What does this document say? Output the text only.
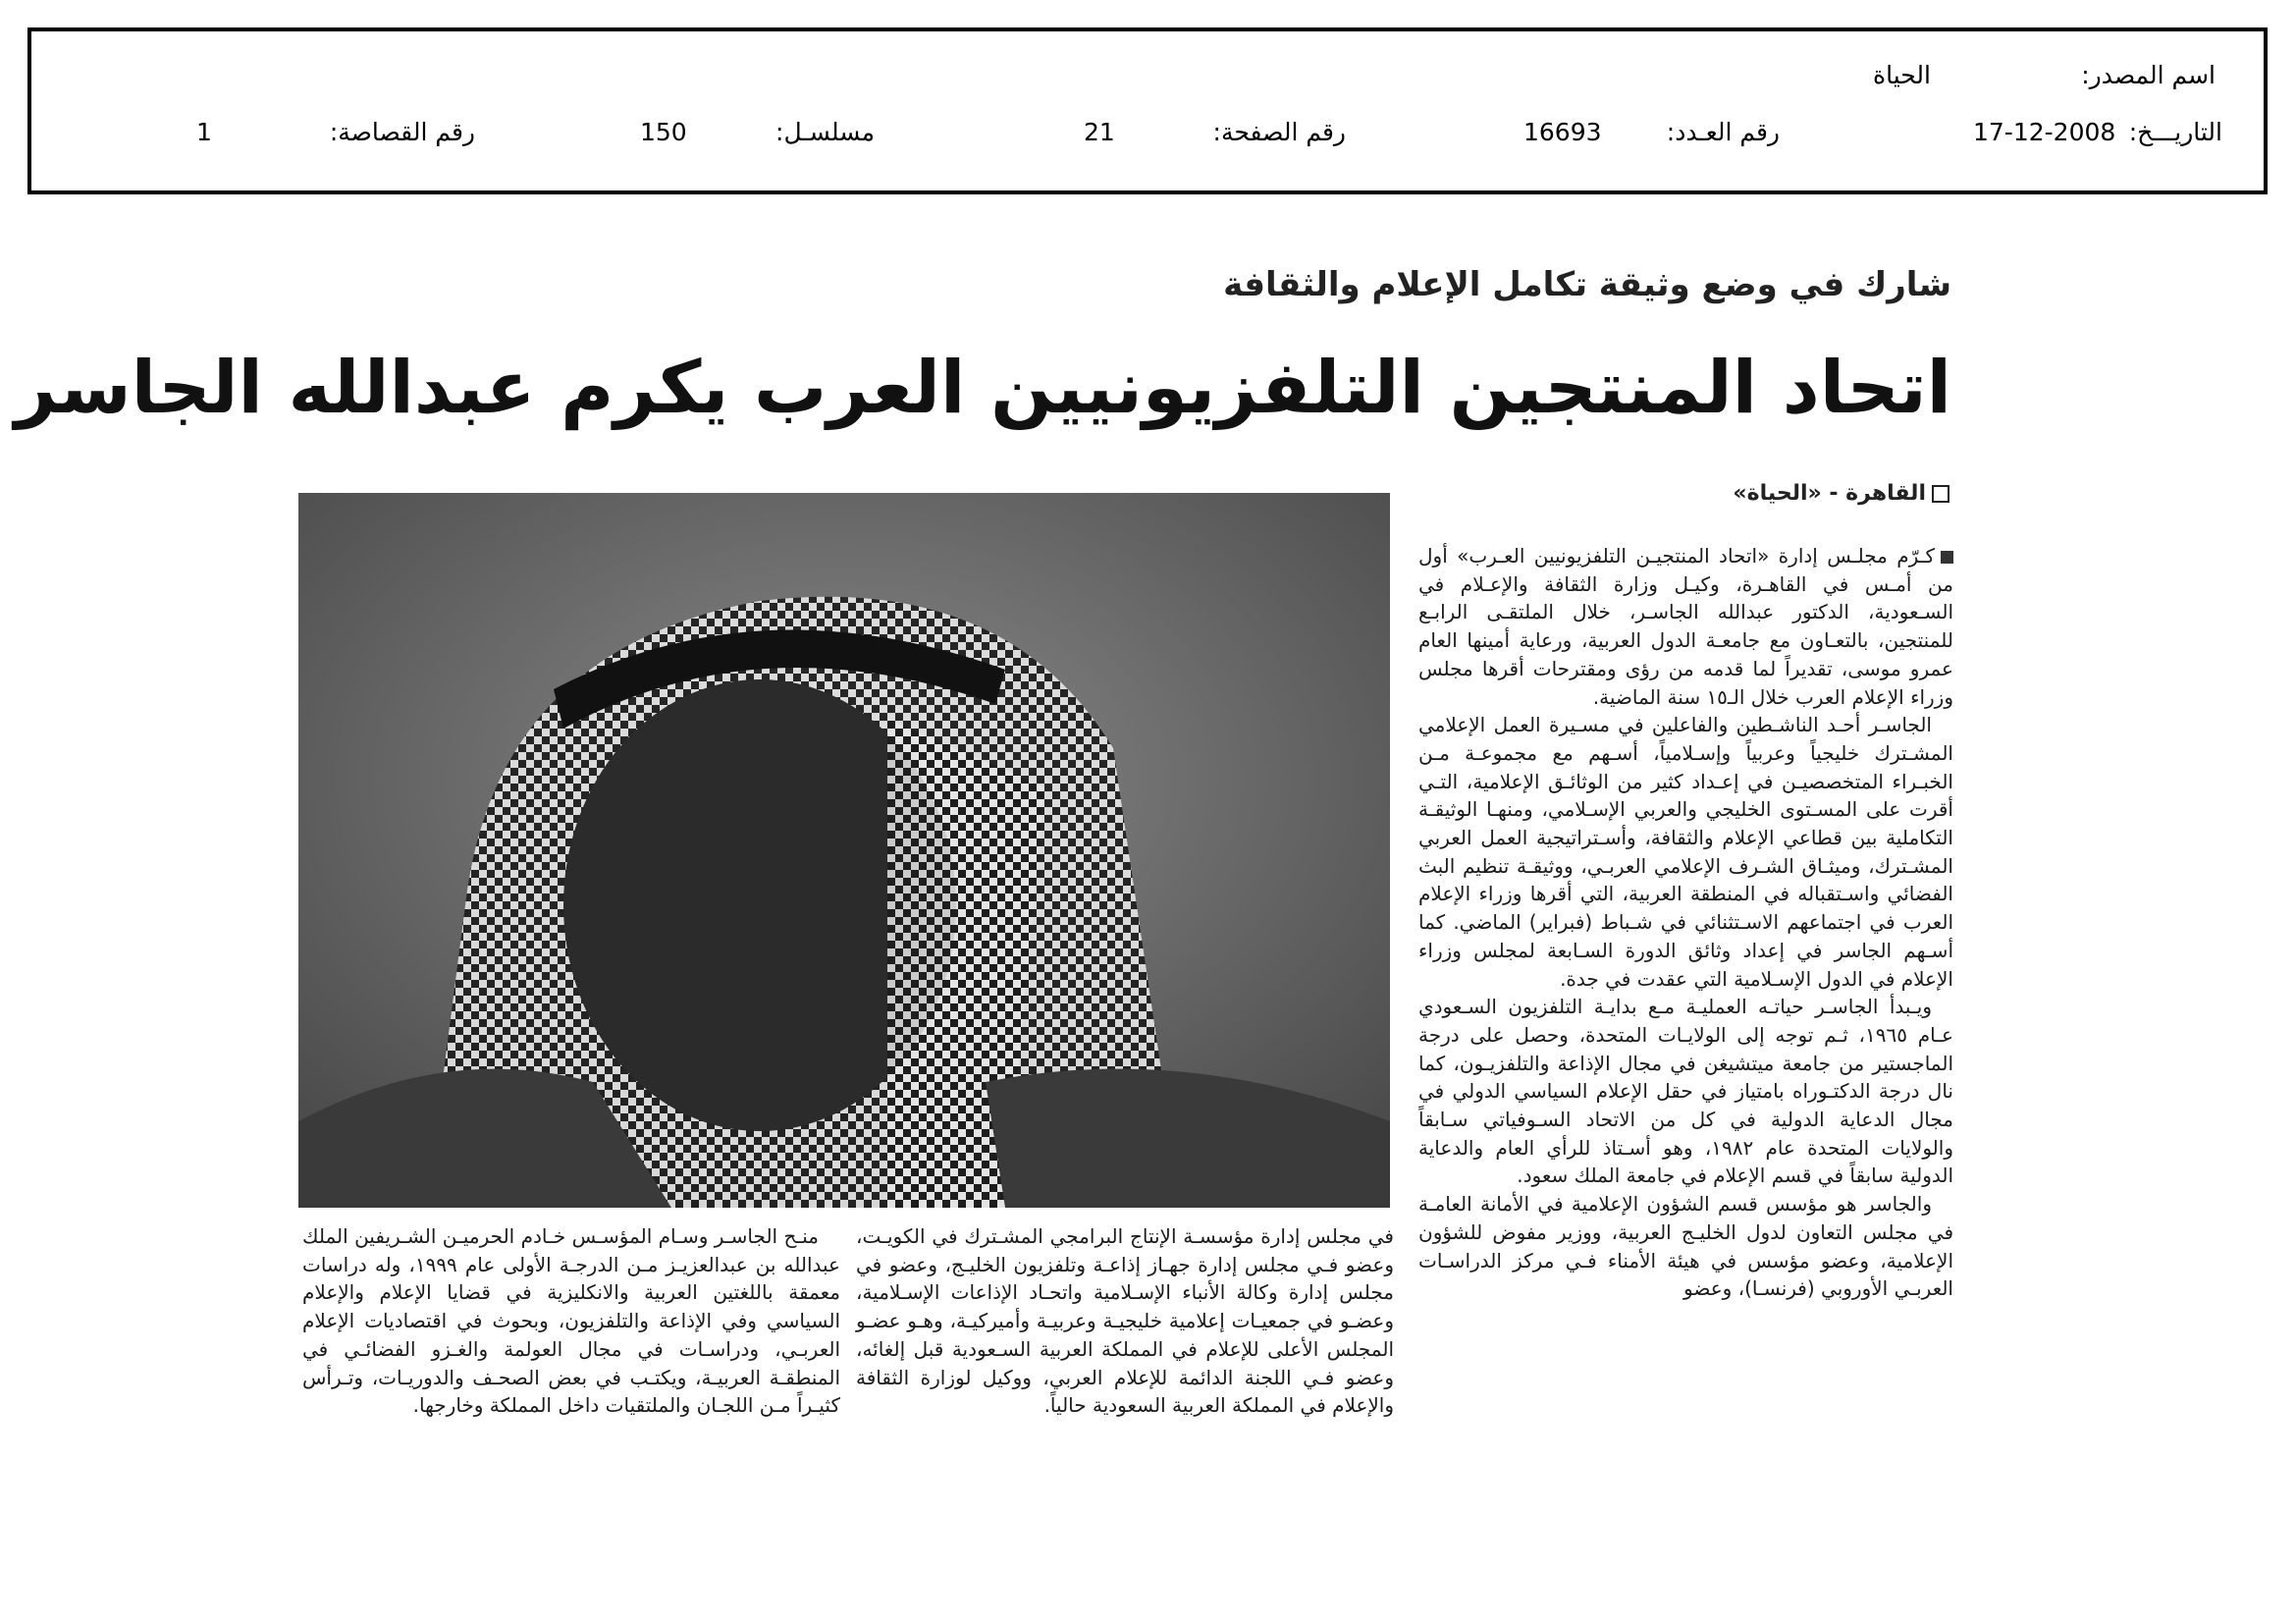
اسم المصدر:
الحياة
التاريـــخ:
17-12-2008
رقم العـدد:
16693
رقم الصفحة:
21
مسلسـل:
150
رقم القصاصة:
1
شارك في وضع وثيقة تكامل الإعلام والثقافة
اتحاد المنتجين التلفزيونيين العرب يكرم عبدالله الجاسر
القاهرة - «الحياة»

كـرّم مجلـس إدارة «اتحاد المنتجيـن التلفزيونيين العـرب» أول من أمـس في القاهـرة، وكيـل وزارة الثقافة والإعـلام في السـعودية، الدكتور عبدالله الجاسـر، خلال الملتقـى الرابـع للمنتجين، بالتعـاون مع جامعـة الدول العربية، ورعاية أمينها العام عمرو موسى، تقديراً لما قدمه من رؤى ومقترحات أقرها مجلس وزراء الإعلام العرب خلال الـ١٥ سنة الماضية.

الجاسـر أحـد الناشـطين والفاعلين في مسـيرة العمل الإعلامي المشـترك خليجياً وعربياً وإسـلامياً، أسـهم مع مجموعـة مـن الخبـراء المتخصصيـن في إعـداد كثير من الوثائـق الإعلامية، التـي أقرت على المسـتوى الخليجي والعربي الإسـلامي، ومنهـا الوثيقـة التكاملية بين قطاعي الإعلام والثقافة، وأسـتراتيجية العمل العربي المشـترك، وميثـاق الشـرف الإعلامي العربـي، ووثيقـة تنظيم البث الفضائي واسـتقباله في المنطقة العربية، التي أقرها وزراء الإعلام العرب في اجتماعهم الاسـتثنائي في شـباط (فبراير) الماضي. كما أسـهم الجاسر في إعداد وثائق الدورة السـابعة لمجلس وزراء الإعلام في الدول الإسـلامية التي عقدت في جدة.

ويـبدأ الجاسـر حياتـه العمليـة مـع بدايـة التلفزيون السـعودي عـام ١٩٦٥، ثـم توجه إلى الولايـات المتحدة، وحصل على درجة الماجستير من جامعة ميتشيغن في مجال الإذاعة والتلفزيـون، كما نال درجة الدكتـوراه بامتياز في حقل الإعلام السياسي الدولي في مجال الدعاية الدولية في كل من الاتحاد السـوفياتي سـابقاً والولايات المتحدة عام ١٩٨٢، وهو أسـتاذ للرأي العام والدعاية الدولية سابقاً في قسم الإعلام في جامعة الملك سعود.

والجاسر هو مؤسس قسم الشؤون الإعلامية في الأمانة العامـة في مجلس التعاون لدول الخليـج العربية، ووزير مفوض للشؤون الإعلامية، وعضو مؤسس في هيئة الأمناء فـي مركز الدراسـات العربـي الأوروبي (فرنسـا)، وعضو

في مجلس إدارة مؤسسـة الإنتاج البرامجي المشـترك في الكويـت، وعضو فـي مجلس إدارة جهـاز إذاعـة وتلفزيون الخليـج، وعضو في مجلس إدارة وكالة الأنباء الإسـلامية واتحـاد الإذاعات الإسـلامية، وعضـو في جمعيـات إعلامية خليجيـة وعربيـة وأميركيـة، وهـو عضـو المجلس الأعلى للإعلام في المملكة العربية السـعودية قبل إلغائه، وعضو فـي اللجنة الدائمة للإعلام العربي، ووكيل لوزارة الثقافة والإعلام في المملكة العربية السعودية حالياً.

منـح الجاسـر وسـام المؤسـس خـادم الحرميـن الشـريفين الملك عبدالله بن عبدالعزيـز مـن الدرجـة الأولى عام ١٩٩٩، وله دراسات معمقة باللغتين العربية والانكليزية في قضايا الإعلام والإعلام السياسي وفي الإذاعة والتلفزيون، وبحوث في اقتصاديات الإعلام العربـي، ودراسـات في مجال العولمة والغـزو الفضائـي في المنطقـة العربيـة، ويكتـب في بعض الصحـف والدوريـات، وتـرأس كثيـراً مـن اللجـان والملتقيات داخل المملكة وخارجها.
